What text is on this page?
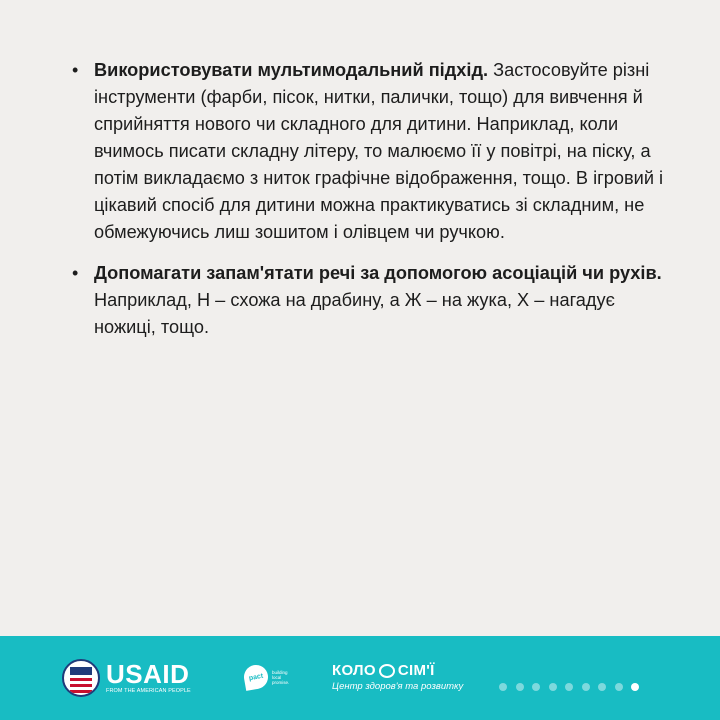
• Використовувати мультимодальний підхід. Застосовуйте різні інструменти (фарби, пісок, нитки, палички, тощо) для вивчення й сприйняття нового чи складного для дитини. Наприклад, коли вчимось писати складну літеру, то малюємо її у повітрі, на піску, а потім викладаємо з ниток графічне відображення, тощо. В ігровий і цікавий спосіб для дитини можна практикуватись зі складним, не обмежуючись лиш зошитом і олівцем чи ручкою.
• Допомагати запам'ятати речі за допомогою асоціацій чи рухів. Наприклад, Н – схожа на драбину, а Ж – на жука, Х – нагадує ножиці, тощо.
USAID
FROM THE AMERICAN PEOPLE
pact
building local promise.
КОЛО СІМ'Ї
Центр здоров'я та розвитку
